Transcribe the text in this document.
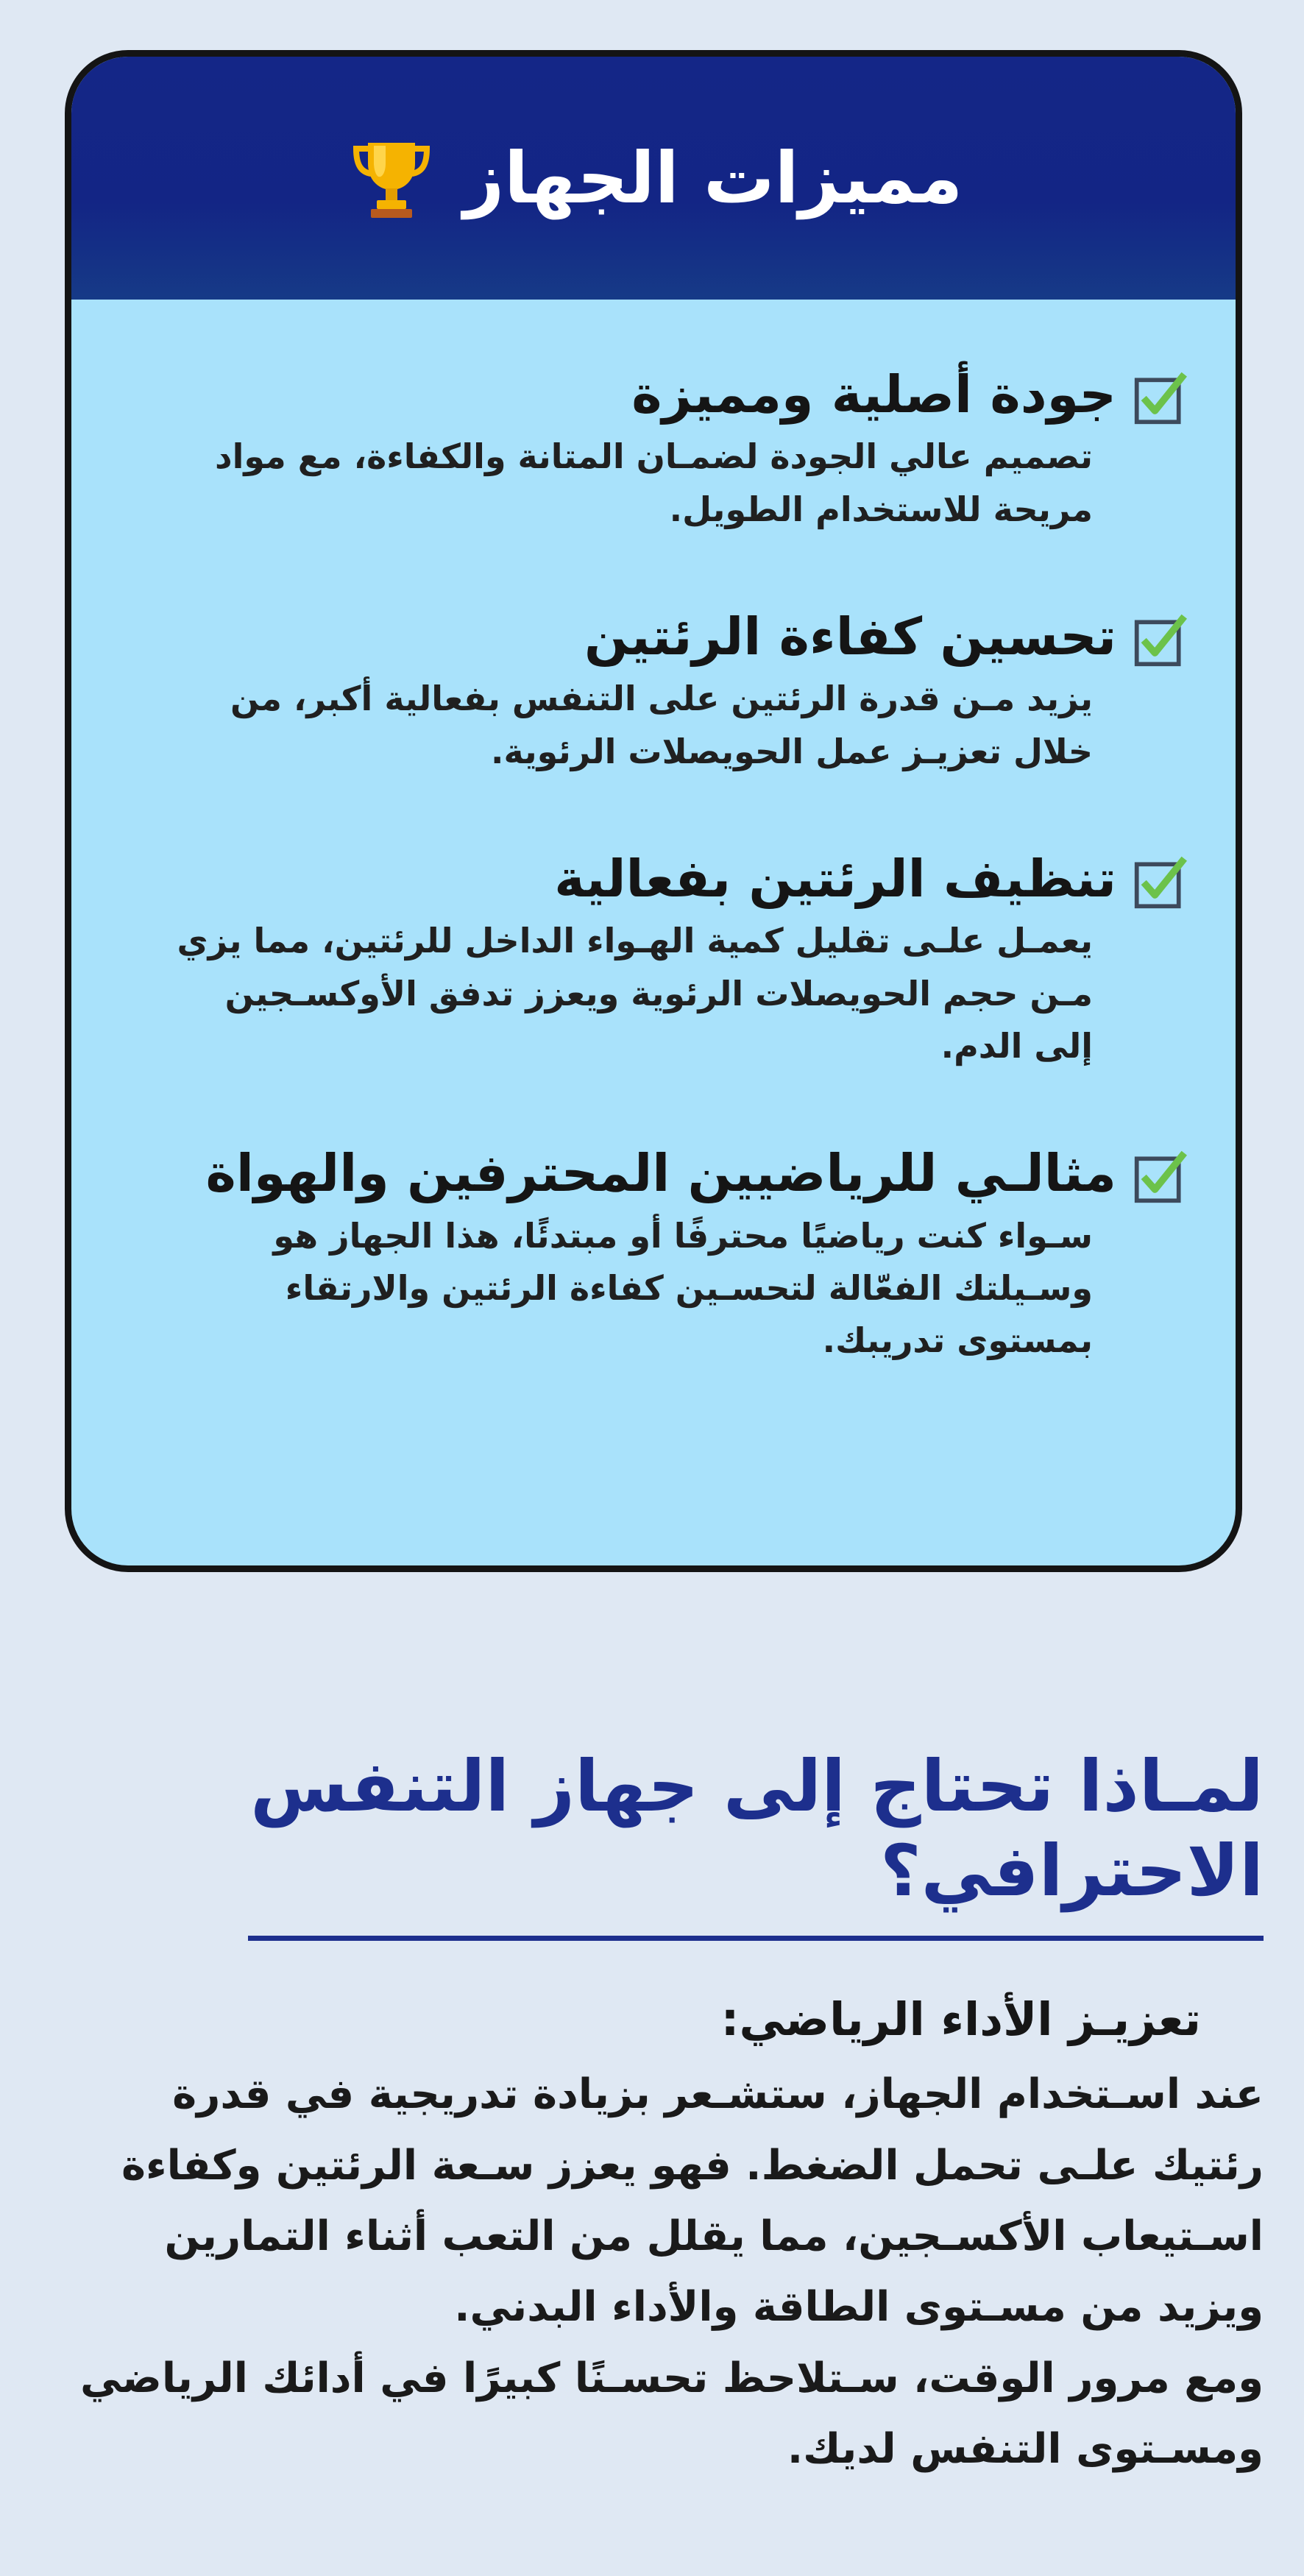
مميزات الجهاز
جودة أصلية ومميزة

تصميم عالي الجودة لضمـان المتانة والكفاءة، مع مواد مريحة للاستخدام الطويل.

تحسين كفاءة الرئتين

يزيد مـن قدرة الرئتين على التنفس بفعالية أكبر، من خلال تعزيـز عمل الحويصلات الرئوية.

تنظيف الرئتين بفعالية

يعمـل علـى تقليل كمية الهـواء الداخل للرئتين، مما يزي مـن حجم الحويصلات الرئوية ويعزز تدفق الأوكسـجين إلى الدم.

مثالـي للرياضيين المحترفين والهواة

سـواء كنت رياضيًا محترفًا أو مبتدئًا، هذا الجهاز هو وسـيلتك الفعّالة لتحسـين كفاءة الرئتين والارتقاء بمستوى تدريبك.

لمـاذا تحتاج إلى جهاز التنفس الاحترافي؟
تعزيـز الأداء الرياضي:

عند اسـتخدام الجهاز، ستشـعر بزيادة تدريجية في قدرة رئتيك علـى تحمل الضغط. فهو يعزز سـعة الرئتين وكفاءة اسـتيعاب الأكسـجين، مما يقلل من التعب أثناء التمارين ويزيد من مسـتوى الطاقة والأداء البدني.

ومع مرور الوقت، سـتلاحظ تحسـنًا كبيرًا في أدائك الرياضي ومسـتوى التنفس لديك.
